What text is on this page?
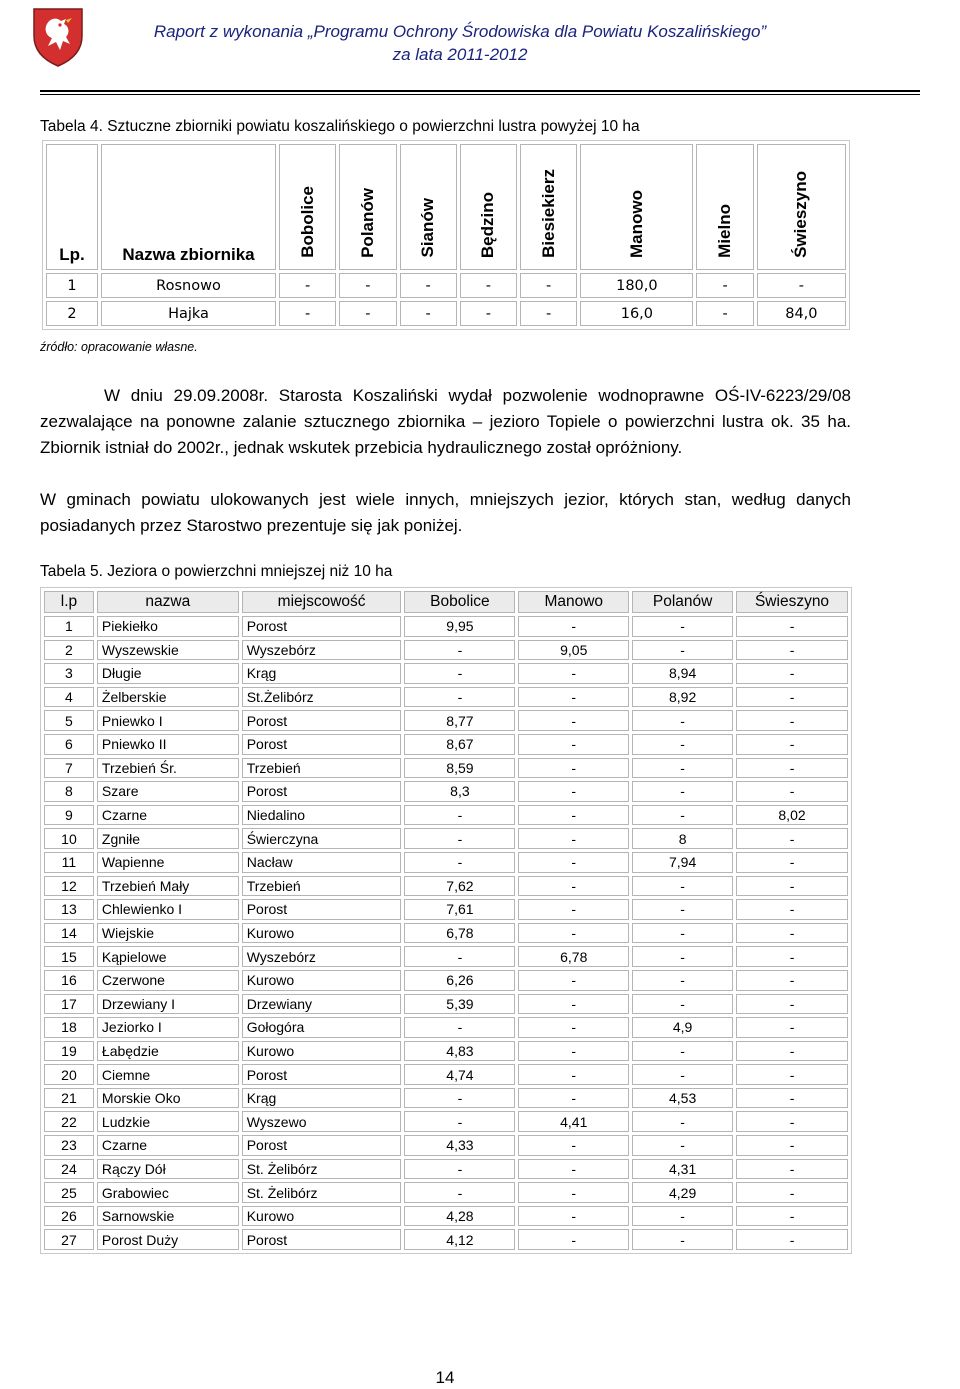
Raport z wykonania „Programu Ochrony Środowiska dla Powiatu Koszalińskiego”
za lata 2011-2012
Tabela 4. Sztuczne zbiorniki powiatu koszalińskiego o powierzchni lustra powyżej 10 ha
Lp.	Nazwa zbiornika	Bobolice	Polanów	Sianów	Będzino	Biesiekierz	Manowo	Mielno	Świeszyno
1	Rosnowo	-	-	-	-	-	180,0	-	-
2	Hajka	-	-	-	-	-	16,0	-	84,0
źródło: opracowanie własne.

W dniu 29.09.2008r. Starosta Koszaliński wydał pozwolenie wodnoprawne OŚ-IV-6223/29/08 zezwalające na ponowne zalanie sztucznego zbiornika – jezioro Topiele o powierzchni lustra ok. 35 ha. Zbiornik istniał do 2002r., jednak wskutek przebicia hydraulicznego został opróżniony.

W gminach powiatu ulokowanych jest wiele innych, mniejszych jezior, których stan, według danych posiadanych przez Starostwo prezentuje się jak poniżej.

Tabela 5. Jeziora o powierzchni mniejszej niż 10 ha
l.p	nazwa	miejscowość	Bobolice	Manowo	Polanów	Świeszyno
1	Piekiełko	Porost	9,95	-	-	-
2	Wyszewskie	Wyszebórz	-	9,05	-	-
3	Długie	Krąg	-	-	8,94	-
4	Żelberskie	St.Żelibórz	-	-	8,92	-
5	Pniewko I	Porost	8,77	-	-	-
6	Pniewko II	Porost	8,67	-	-	-
7	Trzebień Śr.	Trzebień	8,59	-	-	-
8	Szare	Porost	8,3	-	-	-
9	Czarne	Niedalino	-	-	-	8,02
10	Zgniłe	Świerczyna	-	-	8	-
11	Wapienne	Nacław	-	-	7,94	-
12	Trzebień Mały	Trzebień	7,62	-	-	-
13	Chlewienko I	Porost	7,61	-	-	-
14	Wiejskie	Kurowo	6,78	-	-	-
15	Kąpielowe	Wyszebórz	-	6,78	-	-
16	Czerwone	Kurowo	6,26	-	-	-
17	Drzewiany I	Drzewiany	5,39	-	-	-
18	Jeziorko I	Gołogóra	-	-	4,9	-
19	Łabędzie	Kurowo	4,83	-	-	-
20	Ciemne	Porost	4,74	-	-	-
21	Morskie Oko	Krąg	-	-	4,53	-
22	Ludzkie	Wyszewo	-	4,41	-	-
23	Czarne	Porost	4,33	-	-	-
24	Rączy Dół	St. Żelibórz	-	-	4,31	-
25	Grabowiec	St. Żelibórz	-	-	4,29	-
26	Sarnowskie	Kurowo	4,28	-	-	-
27	Porost Duży	Porost	4,12	-	-	-
14
